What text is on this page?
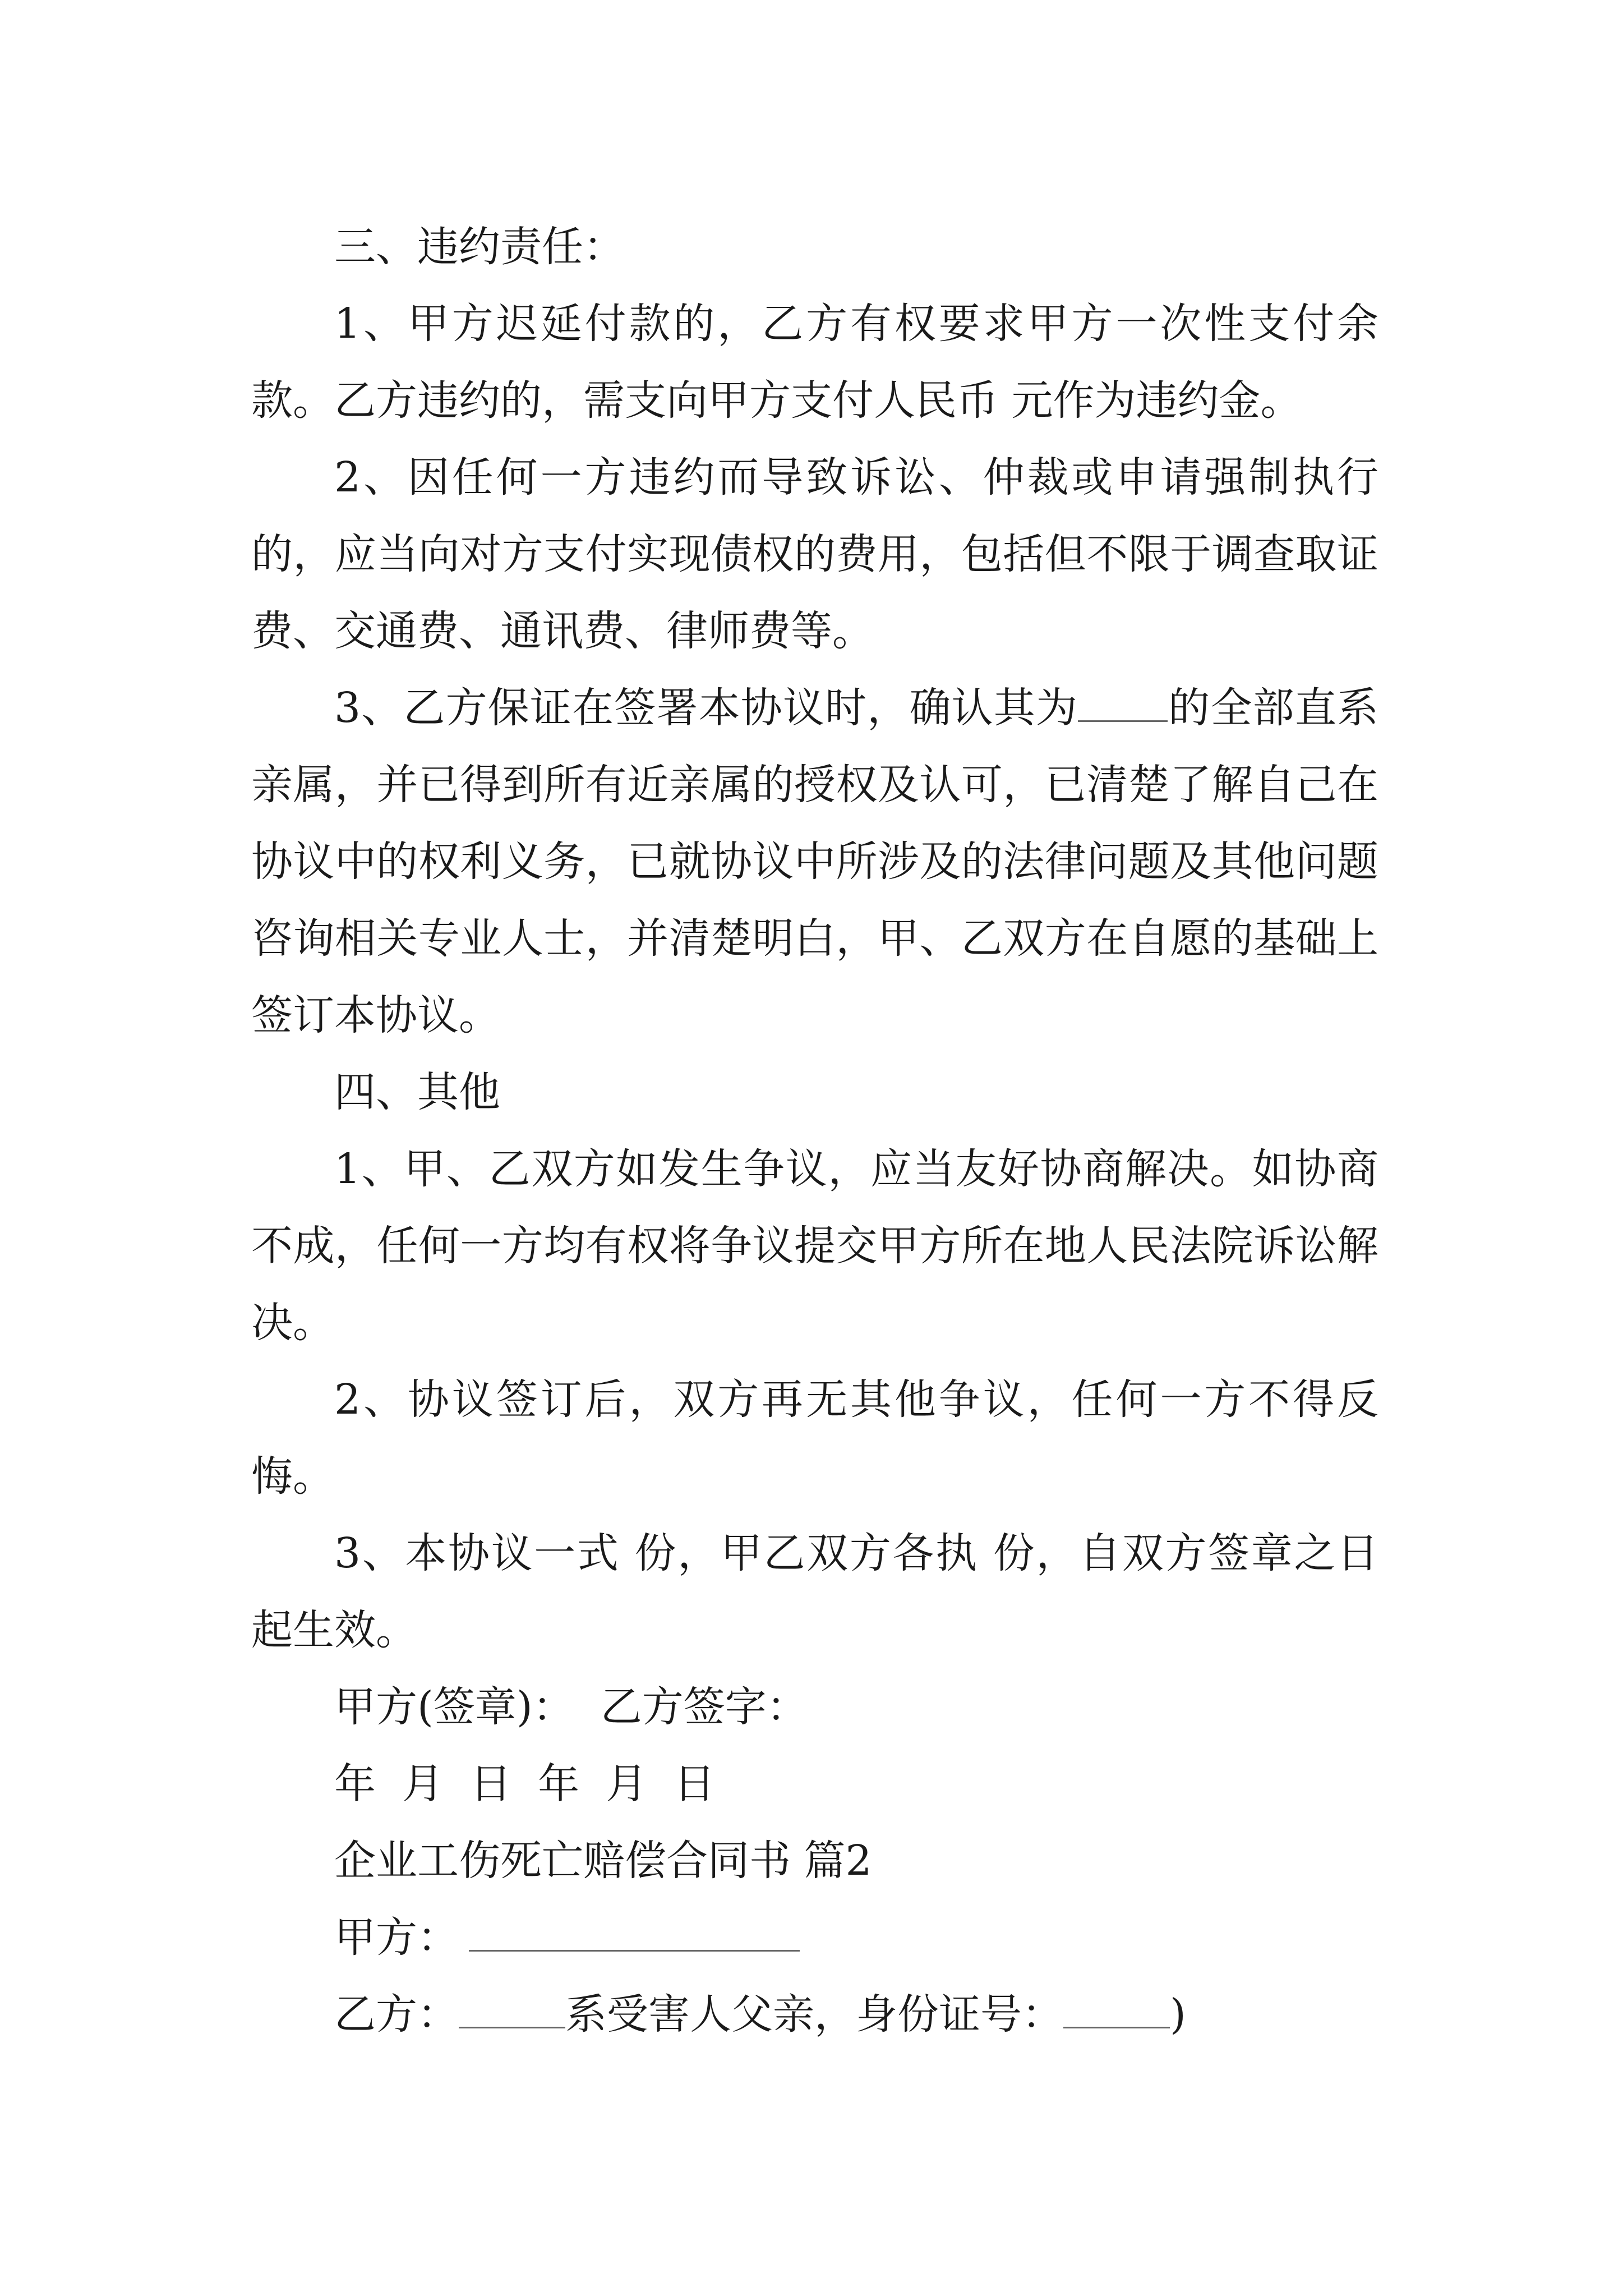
三、违约责任：

1、甲方迟延付款的，乙方有权要求甲方一次性支付余款。乙方违约的，需支向甲方支付人民币 元作为违约金。

2、因任何一方违约而导致诉讼、仲裁或申请强制执行的，应当向对方支付实现债权的费用，包括但不限于调查取证费、交通费、通讯费、律师费等。

3、乙方保证在签署本协议时，确认其为 的全部直系亲属，并已得到所有近亲属的授权及认可，已清楚了解自己在协议中的权利义务，已就协议中所涉及的法律问题及其他问题咨询相关专业人士，并清楚明白，甲、乙双方在自愿的基础上签订本协议。

四、其他

1、甲、乙双方如发生争议，应当友好协商解决。如协商不成，任何一方均有权将争议提交甲方所在地人民法院诉讼解决。

2、协议签订后，双方再无其他争议，任何一方不得反悔。

3、本协议一式 份，甲乙双方各执 份，自双方签章之日起生效。

甲方(签章)：  乙方签字：

年  月  日  年  月  日

企业工伤死亡赔偿合同书 篇2

甲方：

乙方：	系受害人父亲，身份证号：	)
